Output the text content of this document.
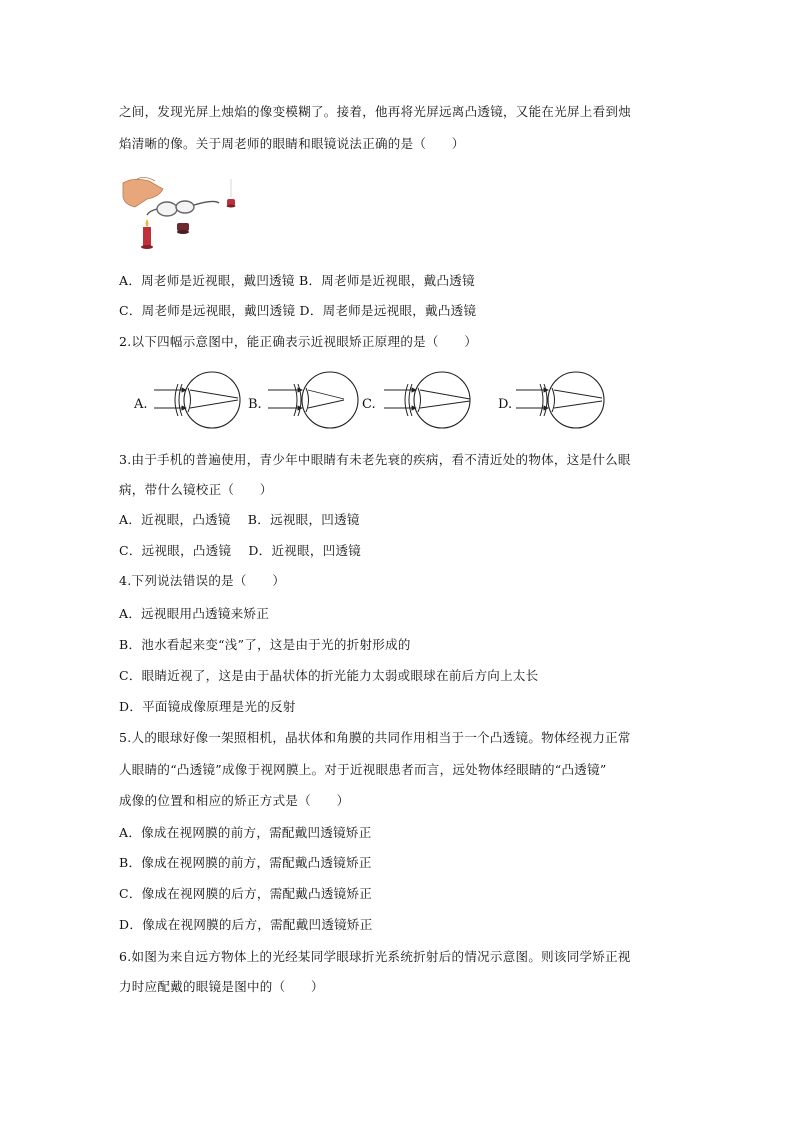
之间，发现光屏上烛焰的像变模糊了。接着，他再将光屏远离凸透镜，又能在光屏上看到烛
焰清晰的像。关于周老师的眼睛和眼镜说法正确的是（　　）
A．周老师是近视眼，戴凹透镜 B．周老师是近视眼，戴凸透镜
C．周老师是远视眼，戴凹透镜 D．周老师是远视眼，戴凸透镜
2.以下四幅示意图中，能正确表示近视眼矫正原理的是（　　）
A.	B.	C.	D.
3.由于手机的普遍使用，青少年中眼睛有未老先衰的疾病，看不清近处的物体，这是什么眼
病，带什么镜校正（　　）
A．近视眼，凸透镜　 B．远视眼，凹透镜
C．远视眼，凸透镜　 D．近视眼，凹透镜
4.下列说法错误的是（　　）
A．远视眼用凸透镜来矫正
B．池水看起来变“浅”了，这是由于光的折射形成的
C．眼睛近视了，这是由于晶状体的折光能力太弱或眼球在前后方向上太长
D．平面镜成像原理是光的反射
5.人的眼球好像一架照相机，晶状体和角膜的共同作用相当于一个凸透镜。物体经视力正常
人眼睛的“凸透镜”成像于视网膜上。对于近视眼患者而言，远处物体经眼睛的“凸透镜”
成像的位置和相应的矫正方式是（　　）
A．像成在视网膜的前方，需配戴凹透镜矫正
B．像成在视网膜的前方，需配戴凸透镜矫正
C．像成在视网膜的后方，需配戴凸透镜矫正
D．像成在视网膜的后方，需配戴凹透镜矫正
6.如图为来自远方物体上的光经某同学眼球折光系统折射后的情况示意图。则该同学矫正视
力时应配戴的眼镜是图中的（　　）
